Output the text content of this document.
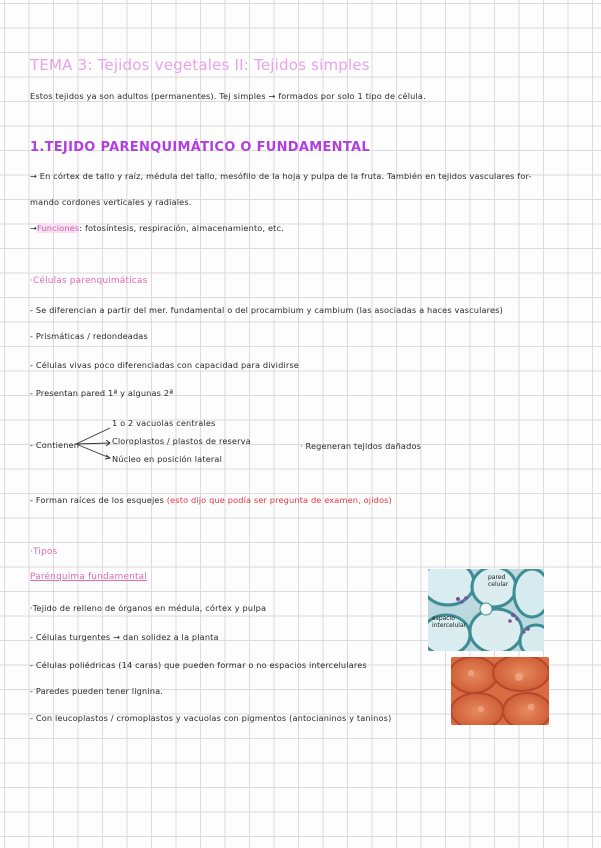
TEMA 3: Tejidos vegetales II: Tejidos simples
Estos tejidos ya son adultos (permanentes). Tej simples → formados por solo 1 tipo de célula.
1.TEJIDO PARENQUIMÁTICO O FUNDAMENTAL
→ En córtex de tallo y raíz, médula del tallo, mesófilo de la hoja y pulpa de la fruta. También en tejidos vasculares for-
mando cordones verticales y radiales.
→Funciones: fotosíntesis, respiración, almacenamiento, etc.
·Células parenquimáticas
- Se diferencian a partir del mer. fundamental o del procambium y cambium (las asociadas a haces vasculares)
- Prismáticas / redondeadas
- Células vivas poco diferenciadas con capacidad para dividirse
- Presentan pared 1ª y algunas 2ª
- Contienen
1 o 2 vacuolas centrales
Cloroplastos / plastos de reserva
Núcleo en posición lateral
· Regeneran tejidos dañados
- Forman raíces de los esquejes (esto dijo que podía ser pregunta de examen, ojidos)
·Tipos
Parénquima fundamental
·Tejido de relleno de órganos en médula, córtex y pulpa
- Células turgentes → dan solidez a la planta
- Células poliédricas (14 caras) que pueden formar o no espacios intercelulares
- Paredes pueden tener lignina.
- Con leucoplastos / cromoplastos y vacuolas con pigmentos (antocianinos y taninos)
pared celular
espacio intercelular
